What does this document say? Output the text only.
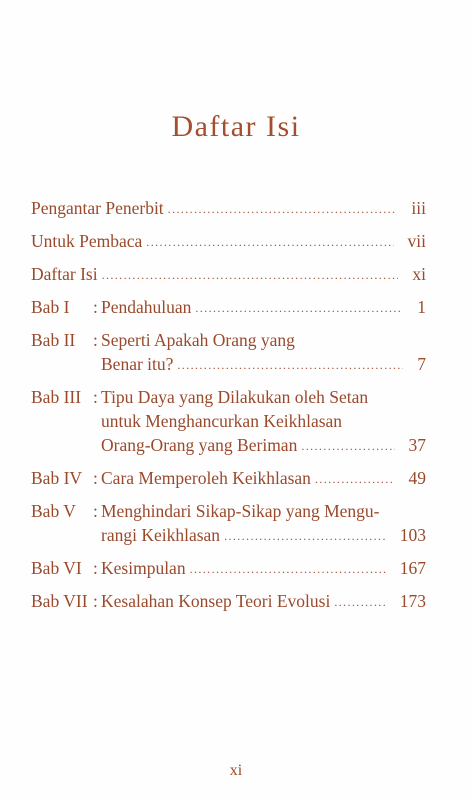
Daftar Isi
Pengantar Penerbit .....	iii
Untuk Pembaca .....	vii
Daftar Isi .....	xi
Bab I	: Pendahuluan .....	1
Bab II	: Seperti Apakah Orang yang
Benar itu? .....	7
Bab III : Tipu Daya yang Dilakukan oleh Setan
untuk Menghancurkan Keikhlasan
Orang-Orang yang Beriman .....	37
Bab IV : Cara Memperoleh Keikhlasan .....	49
Bab V : Menghindari Sikap-Sikap yang Mengu-
rangi Keikhlasan .....	103
Bab VI : Kesimpulan .....	167
Bab VII : Kesalahan Konsep Teori Evolusi .....	173
xi
